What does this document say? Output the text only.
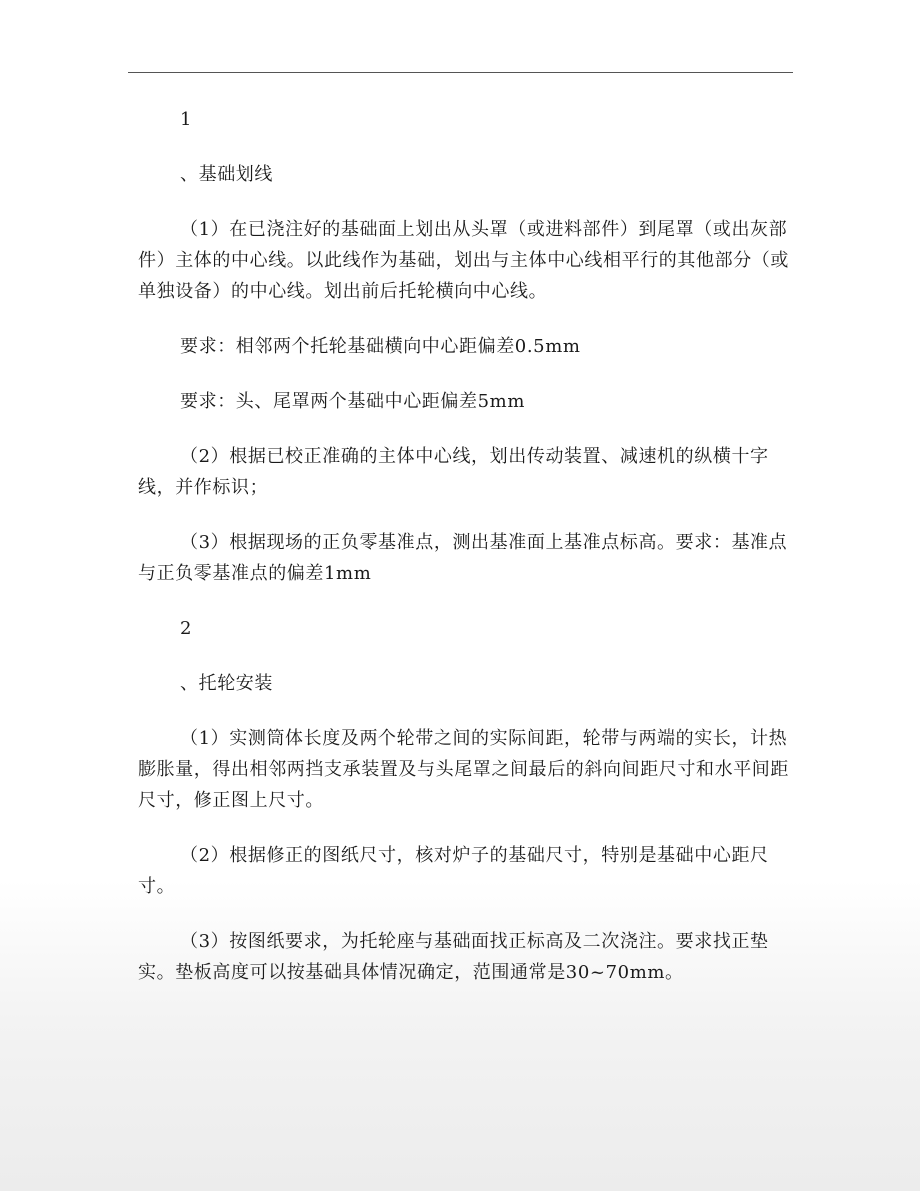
1

、基础划线

（1）在已浇注好的基础面上划出从头罩（或进料部件）到尾罩（或出灰部件）主体的中心线。以此线作为基础，划出与主体中心线相平行的其他部分（或单独设备）的中心线。划出前后托轮横向中心线。

要求：相邻两个托轮基础横向中心距偏差0.5mm

要求：头、尾罩两个基础中心距偏差5mm

（2）根据已校正准确的主体中心线，划出传动装置、减速机的纵横十字线，并作标识；

（3）根据现场的正负零基准点，测出基准面上基准点标高。要求：基准点与正负零基准点的偏差1mm

2

、托轮安装

（1）实测筒体长度及两个轮带之间的实际间距，轮带与两端的实长，计热膨胀量，得出相邻两挡支承装置及与头尾罩之间最后的斜向间距尺寸和水平间距尺寸，修正图上尺寸。

（2）根据修正的图纸尺寸，核对炉子的基础尺寸，特别是基础中心距尺寸。

（3）按图纸要求，为托轮座与基础面找正标高及二次浇注。要求找正垫实。垫板高度可以按基础具体情况确定，范围通常是30~70mm。
